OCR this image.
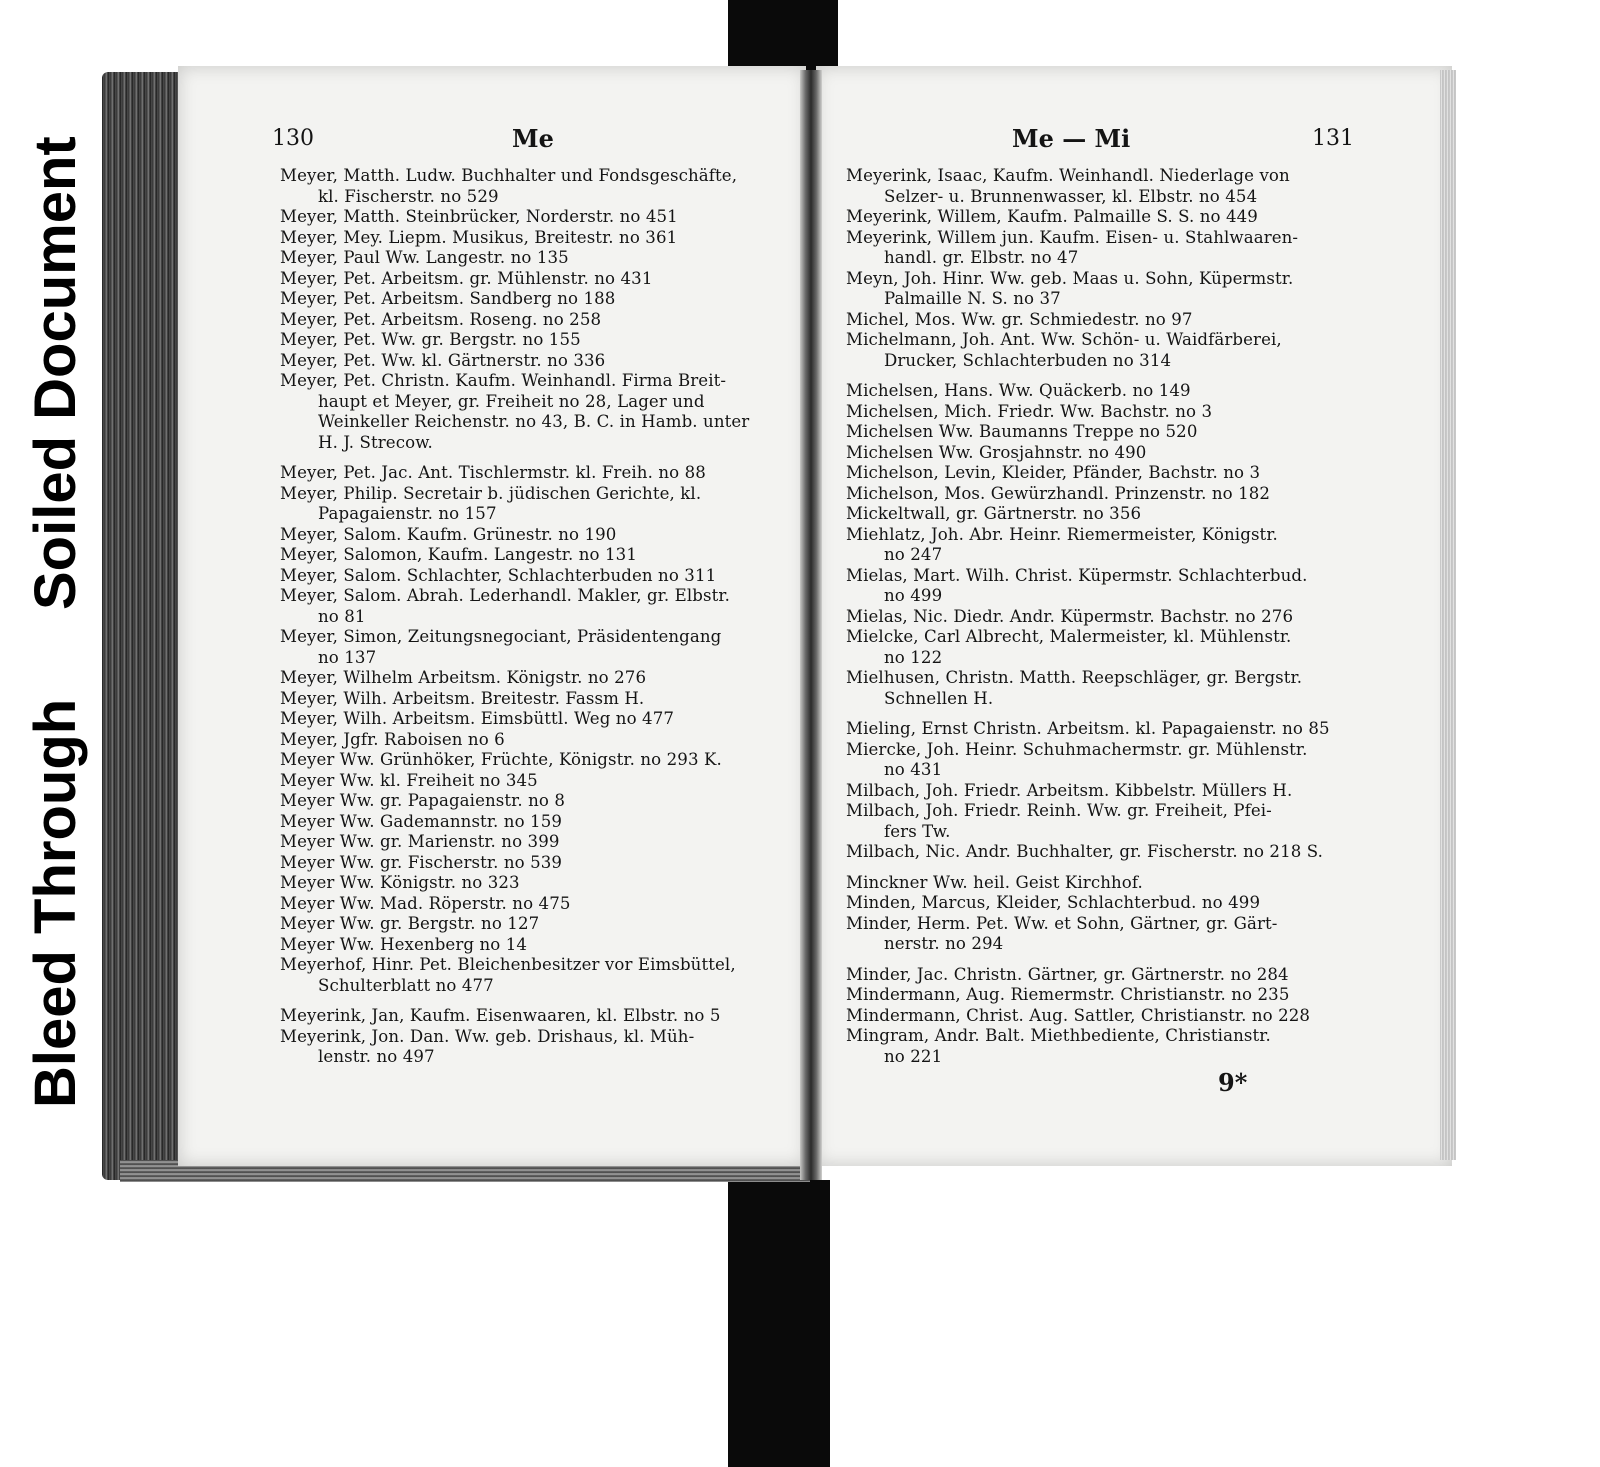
Soiled Document
Bleed Through
130	Me	Me — Mi	131
Meyer, Matth. Ludw. Buchhalter und Fondsgeschäfte,
kl. Fischerstr. no 529
Meyer, Matth. Steinbrücker, Norderstr. no 451
Meyer, Mey. Liepm. Musikus, Breitestr. no 361
Meyer, Paul Ww. Langestr. no 135
Meyer, Pet. Arbeitsm. gr. Mühlenstr. no 431
Meyer, Pet. Arbeitsm. Sandberg no 188
Meyer, Pet. Arbeitsm. Roseng. no 258
Meyer, Pet. Ww. gr. Bergstr. no 155
Meyer, Pet. Ww. kl. Gärtnerstr. no 336
Meyer, Pet. Christn. Kaufm. Weinhandl. Firma Breit-
haupt et Meyer, gr. Freiheit no 28, Lager und
Weinkeller Reichenstr. no 43, B. C. in Hamb. unter
H. J. Strecow.
Meyer, Pet. Jac. Ant. Tischlermstr. kl. Freih. no 88
Meyer, Philip. Secretair b. jüdischen Gerichte, kl.
Papagaienstr. no 157
Meyer, Salom. Kaufm. Grünestr. no 190
Meyer, Salomon, Kaufm. Langestr. no 131
Meyer, Salom. Schlachter, Schlachterbuden no 311
Meyer, Salom. Abrah. Lederhandl. Makler, gr. Elbstr.
no 81
Meyer, Simon, Zeitungsnegociant, Präsidentengang
no 137
Meyer, Wilhelm Arbeitsm. Königstr. no 276
Meyer, Wilh. Arbeitsm. Breitestr. Fassm H.
Meyer, Wilh. Arbeitsm. Eimsbüttl. Weg no 477
Meyer, Jgfr. Raboisen no 6
Meyer Ww. Grünhöker, Früchte, Königstr. no 293 K.
Meyer Ww. kl. Freiheit no 345
Meyer Ww. gr. Papagaienstr. no 8
Meyer Ww. Gademannstr. no 159
Meyer Ww. gr. Marienstr. no 399
Meyer Ww. gr. Fischerstr. no 539
Meyer Ww. Königstr. no 323
Meyer Ww. Mad. Röperstr. no 475
Meyer Ww. gr. Bergstr. no 127
Meyer Ww. Hexenberg no 14
Meyerhof, Hinr. Pet. Bleichenbesitzer vor Eimsbüttel,
Schulterblatt no 477
Meyerink, Jan, Kaufm. Eisenwaaren, kl. Elbstr. no 5
Meyerink, Jon. Dan. Ww. geb. Drishaus, kl. Müh-
lenstr. no 497
Meyerink, Isaac, Kaufm. Weinhandl. Niederlage von
Selzer- u. Brunnenwasser, kl. Elbstr. no 454
Meyerink, Willem, Kaufm. Palmaille S. S. no 449
Meyerink, Willem jun. Kaufm. Eisen- u. Stahlwaaren-
handl. gr. Elbstr. no 47
Meyn, Joh. Hinr. Ww. geb. Maas u. Sohn, Küpermstr.
Palmaille N. S. no 37
Michel, Mos. Ww. gr. Schmiedestr. no 97
Michelmann, Joh. Ant. Ww. Schön- u. Waidfärberei,
Drucker, Schlachterbuden no 314
Michelsen, Hans. Ww. Quäckerb. no 149
Michelsen, Mich. Friedr. Ww. Bachstr. no 3
Michelsen Ww. Baumanns Treppe no 520
Michelsen Ww. Grosjahnstr. no 490
Michelson, Levin, Kleider, Pfänder, Bachstr. no 3
Michelson, Mos. Gewürzhandl. Prinzenstr. no 182
Mickeltwall, gr. Gärtnerstr. no 356
Miehlatz, Joh. Abr. Heinr. Riemermeister, Königstr.
no 247
Mielas, Mart. Wilh. Christ. Küpermstr. Schlachterbud.
no 499
Mielas, Nic. Diedr. Andr. Küpermstr. Bachstr. no 276
Mielcke, Carl Albrecht, Malermeister, kl. Mühlenstr.
no 122
Mielhusen, Christn. Matth. Reepschläger, gr. Bergstr.
Schnellen H.
Mieling, Ernst Christn. Arbeitsm. kl. Papagaienstr. no 85
Miercke, Joh. Heinr. Schuhmachermstr. gr. Mühlenstr.
no 431
Milbach, Joh. Friedr. Arbeitsm. Kibbelstr. Müllers H.
Milbach, Joh. Friedr. Reinh. Ww. gr. Freiheit, Pfei-
fers Tw.
Milbach, Nic. Andr. Buchhalter, gr. Fischerstr. no 218 S.
Minckner Ww. heil. Geist Kirchhof.
Minden, Marcus, Kleider, Schlachterbud. no 499
Minder, Herm. Pet. Ww. et Sohn, Gärtner, gr. Gärt-
nerstr. no 294
Minder, Jac. Christn. Gärtner, gr. Gärtnerstr. no 284
Mindermann, Aug. Riemermstr. Christianstr. no 235
Mindermann, Christ. Aug. Sattler, Christianstr. no 228
Mingram, Andr. Balt. Miethbediente, Christianstr.
no 221
9*
